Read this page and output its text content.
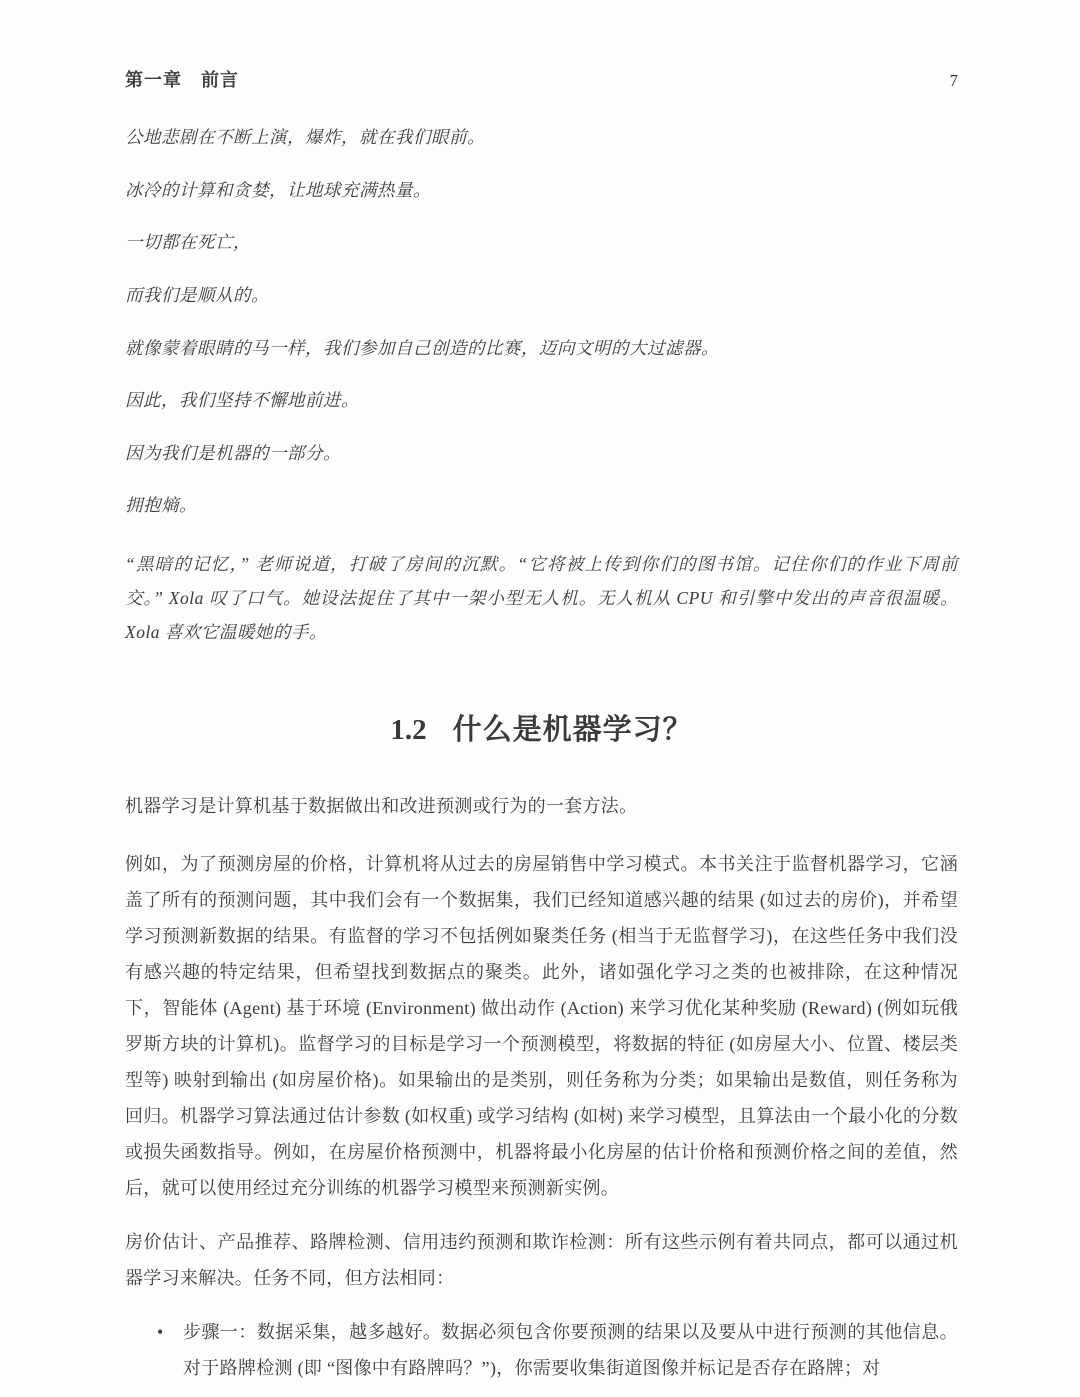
第一章　前言	7

公地悲剧在不断上演，爆炸，就在我们眼前。

冰冷的计算和贪婪，让地球充满热量。

一切都在死亡，

而我们是顺从的。

就像蒙着眼睛的马一样，我们参加自己创造的比赛，迈向文明的大过滤器。

因此，我们坚持不懈地前进。

因为我们是机器的一部分。

拥抱熵。

“黑暗的记忆，” 老师说道，打破了房间的沉默。“它将被上传到你们的图书馆。记住你们的作业下周前交。” Xola 叹了口气。她设法捉住了其中一架小型无人机。无人机从 CPU 和引擎中发出的声音很温暖。Xola 喜欢它温暖她的手。

1.2 什么是机器学习？

机器学习是计算机基于数据做出和改进预测或行为的一套方法。

例如，为了预测房屋的价格，计算机将从过去的房屋销售中学习模式。本书关注于监督机器学习，它涵盖了所有的预测问题，其中我们会有一个数据集，我们已经知道感兴趣的结果 (如过去的房价)，并希望学习预测新数据的结果。有监督的学习不包括例如聚类任务 (相当于无监督学习)，在这些任务中我们没有感兴趣的特定结果，但希望找到数据点的聚类。此外，诸如强化学习之类的也被排除，在这种情况下，智能体 (Agent) 基于环境 (Environment) 做出动作 (Action) 来学习优化某种奖励 (Reward) (例如玩俄罗斯方块的计算机)。监督学习的目标是学习一个预测模型，将数据的特征 (如房屋大小、位置、楼层类型等) 映射到输出 (如房屋价格)。如果输出的是类别，则任务称为分类；如果输出是数值，则任务称为回归。机器学习算法通过估计参数 (如权重) 或学习结构 (如树) 来学习模型，且算法由一个最小化的分数或损失函数指导。例如，在房屋价格预测中，机器将最小化房屋的估计价格和预测价格之间的差值，然后，就可以使用经过充分训练的机器学习模型来预测新实例。

房价估计、产品推荐、路牌检测、信用违约预测和欺诈检测：所有这些示例有着共同点，都可以通过机器学习来解决。任务不同，但方法相同：

•	步骤一：数据采集，越多越好。数据必须包含你要预测的结果以及要从中进行预测的其他信息。对于路牌检测 (即 “图像中有路牌吗？”)，你需要收集街道图像并标记是否存在路牌；对
